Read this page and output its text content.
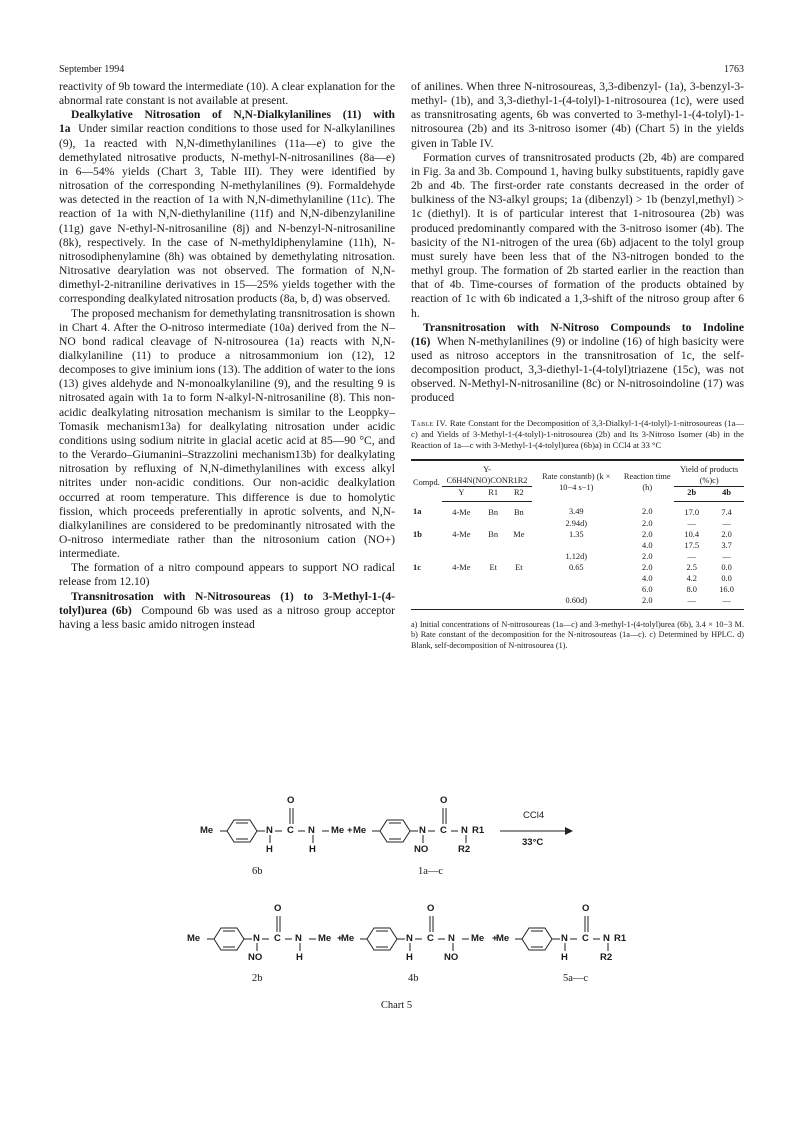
September 1994	1763

reactivity of 9b toward the intermediate (10). A clear explanation for the abnormal rate constant is not available at present.

Dealkylative Nitrosation of N,N-Dialkylanilines (11) with 1a Under similar reaction conditions to those used for N-alkylanilines (9), 1a reacted with N,N-dimethylanilines (11a—e) to give the demethylated nitrosative products, N-methyl-N-nitrosanilines (8a—e) in 6—54% yields (Chart 3, Table III). They were identified by nitrosation of the corresponding N-methylanilines (9). Formaldehyde was detected in the reaction of 1a with N,N-dimethylaniline (11c). The reaction of 1a with N,N-diethylaniline (11f) and N,N-dibenzylaniline (11g) gave N-ethyl-N-nitrosaniline (8j) and N-benzyl-N-nitrosaniline (8k), respectively. In the case of N-methyldiphenylamine (11h), N-nitrosodiphenylamine (8h) was obtained by demethylating nitrosation. Nitrosative dearylation was not observed. The formation of N,N-dimethyl-2-nitraniline derivatives in 15—25% yields together with the corresponding dealkylated nitrosation products (8a, b, d) was observed.

The proposed mechanism for demethylating transnitrosation is shown in Chart 4. After the O-nitroso intermediate (10a) derived from the N–NO bond radical cleavage of N-nitrosourea (1a) reacts with N,N-dialkylaniline (11) to produce a nitrosammonium ion (12), 12 decomposes to give iminium ions (13). The addition of water to the ions (13) gives aldehyde and N-monoalkylaniline (9), and the resulting 9 is nitrosated again with 1a to form N-alkyl-N-nitrosaniline (8). This non-acidic dealkylating nitrosation mechanism is similar to the Leoppky–Tomasik mechanism13a) for dealkylating nitrosation under acidic conditions using sodium nitrite in glacial acetic acid at 85—90 °C, and to the Verardo–Giumanini–Strazzolini mechanism13b) for dealkylating nitrosation by refluxing of N,N-dimethylanilines with excess alkyl nitrites under non-acidic conditions. Our non-acidic dealkylation occurred at room temperature. This difference is due to homolytic fission, which proceeds preferentially in aprotic solvents, and N,N-dialkylanilines are considered to be predominantly nitrosated with the O-nitroso intermediate rather than the nitrosonium cation (NO+) intermediate.

The formation of a nitro compound appears to support NO radical release from 12.10)

Transnitrosation with N-Nitrosoureas (1) to 3-Methyl-1-(4-tolyl)urea (6b) Compound 6b was used as a nitroso group acceptor having a less basic amido nitrogen instead

of anilines. When three N-nitrosoureas, 3,3-dibenzyl- (1a), 3-benzyl-3-methyl- (1b), and 3,3-diethyl-1-(4-tolyl)-1-nitrosourea (1c), were used as transnitrosating agents, 6b was converted to 3-methyl-1-(4-tolyl)-1-nitrosourea (2b) and its 3-nitroso isomer (4b) (Chart 5) in the yields given in Table IV.

Formation curves of transnitrosated products (2b, 4b) are compared in Fig. 3a and 3b. Compound 1, having bulky substituents, rapidly gave 2b and 4b. The first-order rate constants decreased in the order of bulkiness of the N3-alkyl groups; 1a (dibenzyl) > 1b (benzyl,methyl) > 1c (diethyl). It is of particular interest that 1-nitrosourea (2b) was produced predominantly compared with the 3-nitroso isomer (4b). The basicity of the N1-nitrogen of the urea (6b) adjacent to the tolyl group must surely have been less that of the N3-nitrogen bonded to the methyl group. The formation of 2b started earlier in the reaction than that of 4b. Time-courses of formation of the products obtained by reaction of 1c with 6b indicated a 1,3-shift of the nitroso group after 6 h.

Transnitrosation with N-Nitroso Compounds to Indoline (16) When N-methylanilines (9) or indoline (16) of high basicity were used as nitroso acceptors in the transnitrosation of 1c, the self-decomposition product, 3,3-diethyl-1-(4-tolyl)triazene (15c), was not observed. N-Methyl-N-nitrosaniline (8c) or N-nitrosoindoline (17) was produced

Table IV. Rate Constant for the Decomposition of 3,3-Dialkyl-1-(4-tolyl)-1-nitrosoureas (1a—c) and Yields of 3-Methyl-1-(4-tolyl)-1-nitrosourea (2b) and Its 3-Nitroso Isomer (4b) in the Reaction of 1a—c with 3-Methyl-1-(4-tolyl)urea (6b)a) in CCl4 at 33 °C
Compd.	Y-C6H4N(NO)CONR1R2			Rate constantb) (k × 10−4 s−1)	Reaction time (h)	Yield of products (%)c)	
	Y	R1	R2			2b	4b
1a	4-Me	Bn	Bn	3.49	2.0	17.0	7.4
				2.94d)	2.0	—	—
1b	4-Me	Bn	Me	1.35	2.0	10.4	2.0
					4.0	17.5	3.7
				1.12d)	2.0	—	—
1c	4-Me	Et	Et	0.65	2.0	2.5	0.0
					4.0	4.2	0.0
					6.0	8.0	16.0
				0.60d)	2.0	—	—
a) Initial concentrations of N-nitrosoureas (1a—c) and 3-methyl-1-(4-tolyl)urea (6b), 3.4 × 10−3 M. b) Rate constant of the decomposition for the N-nitrosoureas (1a—c). c) Determined by HPLC. d) Blank, self-decomposition of N-nitrosourea (1).
Me	N C
O
N Me
H	H
6b
+ Me	N C
O
N R1
NO	R2
1a—c
CCl4
33°C
Me	N C
O
N Me
NO	H
2b
+
Me	N C
O
N Me
H	NO
4b
+
Me	N C
O
N R1
H	R2
5a—c
Chart 5
